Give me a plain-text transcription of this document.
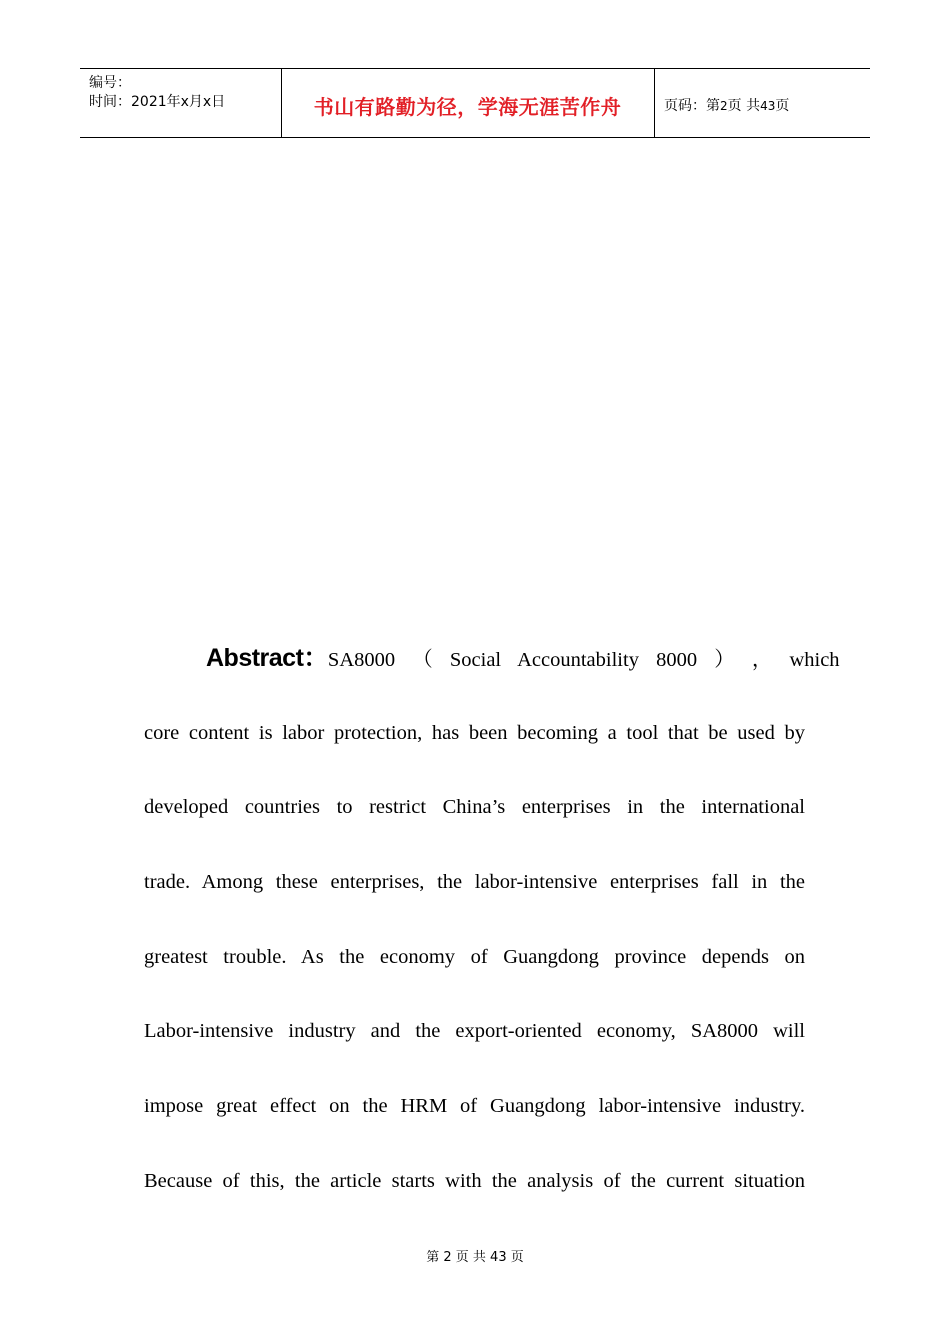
编号：
时间：2021年x月x日	书山有路勤为径，学海无涯苦作舟	页码：第2页 共43页
Abstract：SA8000 （ Social Accountability 8000 ） ， which
core content is labor protection, has been becoming a tool that be used by
developed countries to restrict China’s enterprises in the international
trade. Among these enterprises, the labor-intensive enterprises fall in the
greatest trouble. As the economy of Guangdong province depends on
Labor-intensive industry and the export-oriented economy, SA8000 will
impose great effect on the HRM of Guangdong labor-intensive industry.
Because of this, the article starts with the analysis of the current situation
第 2 页 共 43 页
